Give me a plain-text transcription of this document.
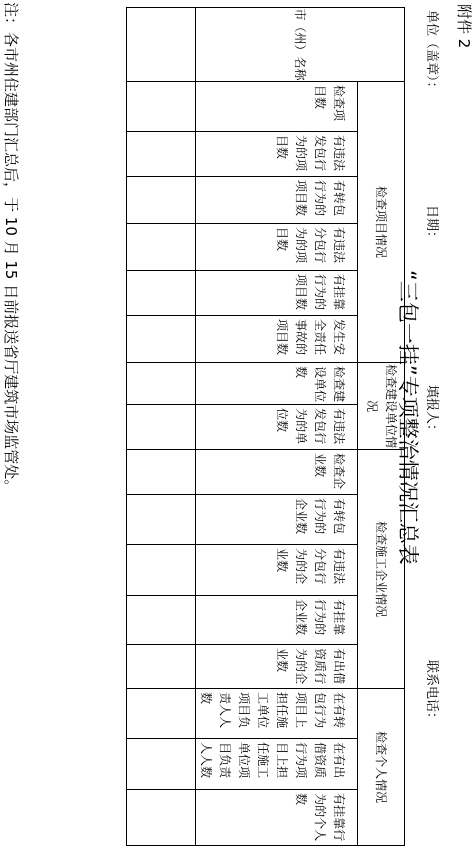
附件 2
单位（盖章）：
日期：
填报人：
联系电话：
“三包一挂”专项整治情况汇总表
市（州）名称	检查项目情况						检查建设单位情况		检查施工企业情况					检查个人情况		

	检查项目数	有违法发包行为的项目数	有转包行为的项目数	有违法分包行为的项目数	有挂靠行为的项目数	发生安全责任事故的项目数	检查建设单位数	有违法发包行为的单位数	检查企业数	有转包行为的企业数	有违法分包行为的企业数	有挂靠行为的企业数	有出借资质行为的企业数	在有转包行为项目上担任施工单位项目负责人人数	在有出借资质行为项目上担任施工单位项目负责人人数	有挂靠行为的个人数

注：各市州住建部门汇总后，于 10 月 15 日前报送省厅建筑市场监管处。
